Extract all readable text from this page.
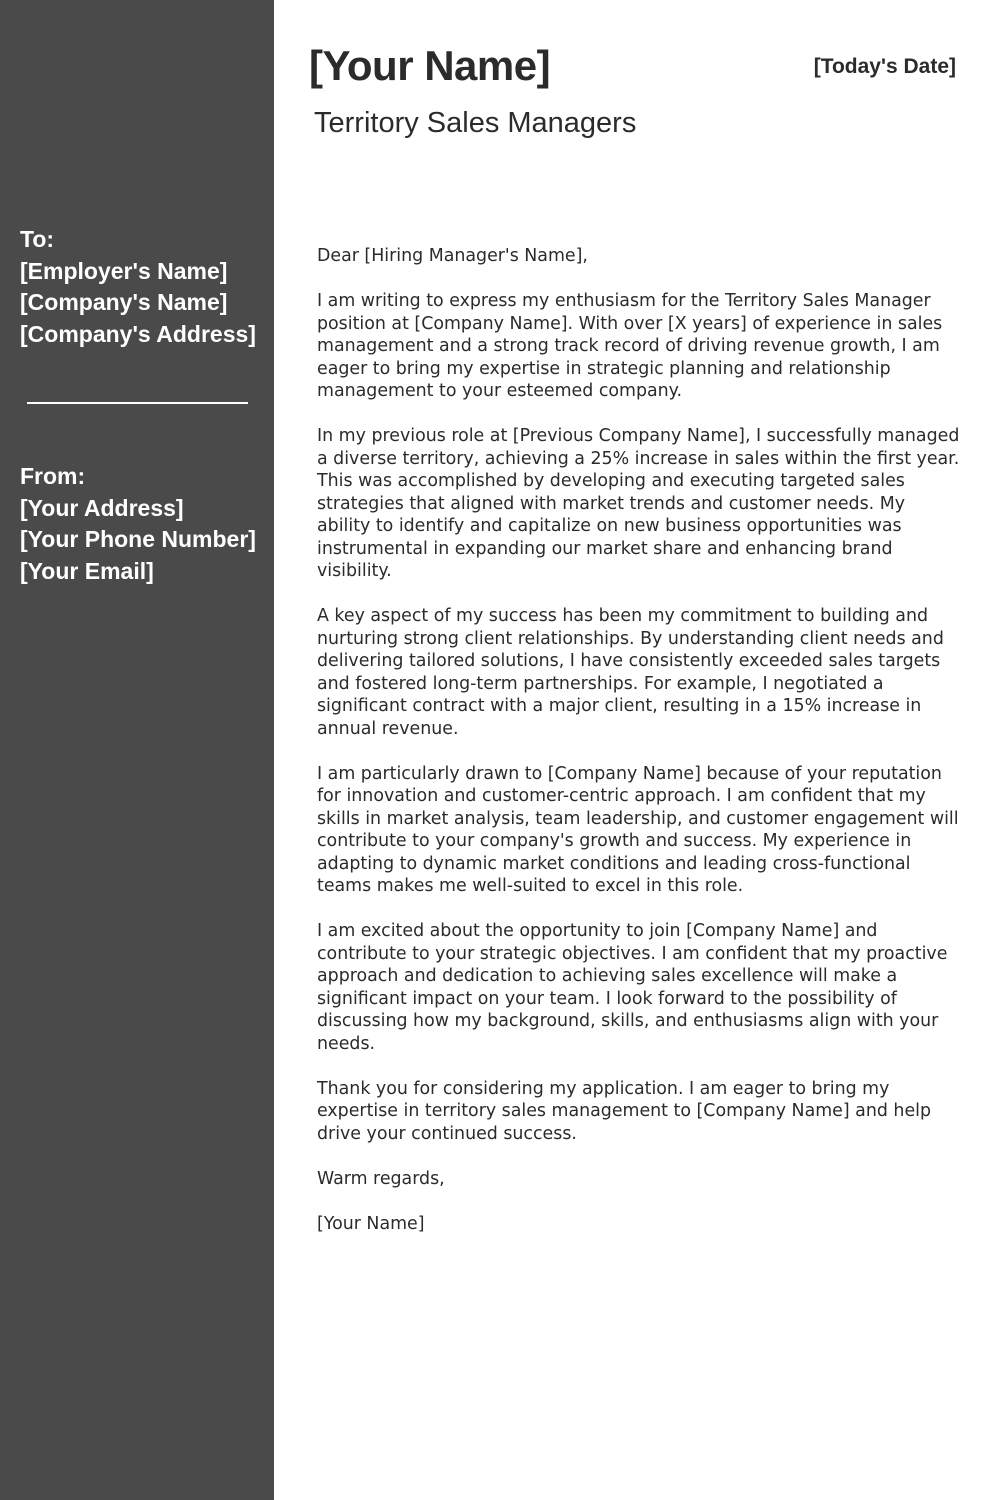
To:
[Employer's Name]
[Company's Name]
[Company's Address]
From:
[Your Address]
[Your Phone Number]
[Your Email]
[Your Name]	[Today's Date]
Territory Sales Managers

Dear [Hiring Manager's Name],

I am writing to express my enthusiasm for the Territory Sales Manager position at [Company Name]. With over [X years] of experience in sales management and a strong track record of driving revenue growth, I am eager to bring my expertise in strategic planning and relationship management to your esteemed company.

In my previous role at [Previous Company Name], I successfully managed a diverse territory, achieving a 25% increase in sales within the first year. This was accomplished by developing and executing targeted sales strategies that aligned with market trends and customer needs. My ability to identify and capitalize on new business opportunities was instrumental in expanding our market share and enhancing brand visibility.

A key aspect of my success has been my commitment to building and nurturing strong client relationships. By understanding client needs and delivering tailored solutions, I have consistently exceeded sales targets and fostered long-term partnerships. For example, I negotiated a significant contract with a major client, resulting in a 15% increase in annual revenue.

I am particularly drawn to [Company Name] because of your reputation for innovation and customer-centric approach. I am confident that my skills in market analysis, team leadership, and customer engagement will contribute to your company's growth and success. My experience in adapting to dynamic market conditions and leading cross-functional teams makes me well-suited to excel in this role.

I am excited about the opportunity to join [Company Name] and contribute to your strategic objectives. I am confident that my proactive approach and dedication to achieving sales excellence will make a significant impact on your team. I look forward to the possibility of discussing how my background, skills, and enthusiasms align with your needs.

Thank you for considering my application. I am eager to bring my expertise in territory sales management to [Company Name] and help drive your continued success.

Warm regards,

[Your Name]
